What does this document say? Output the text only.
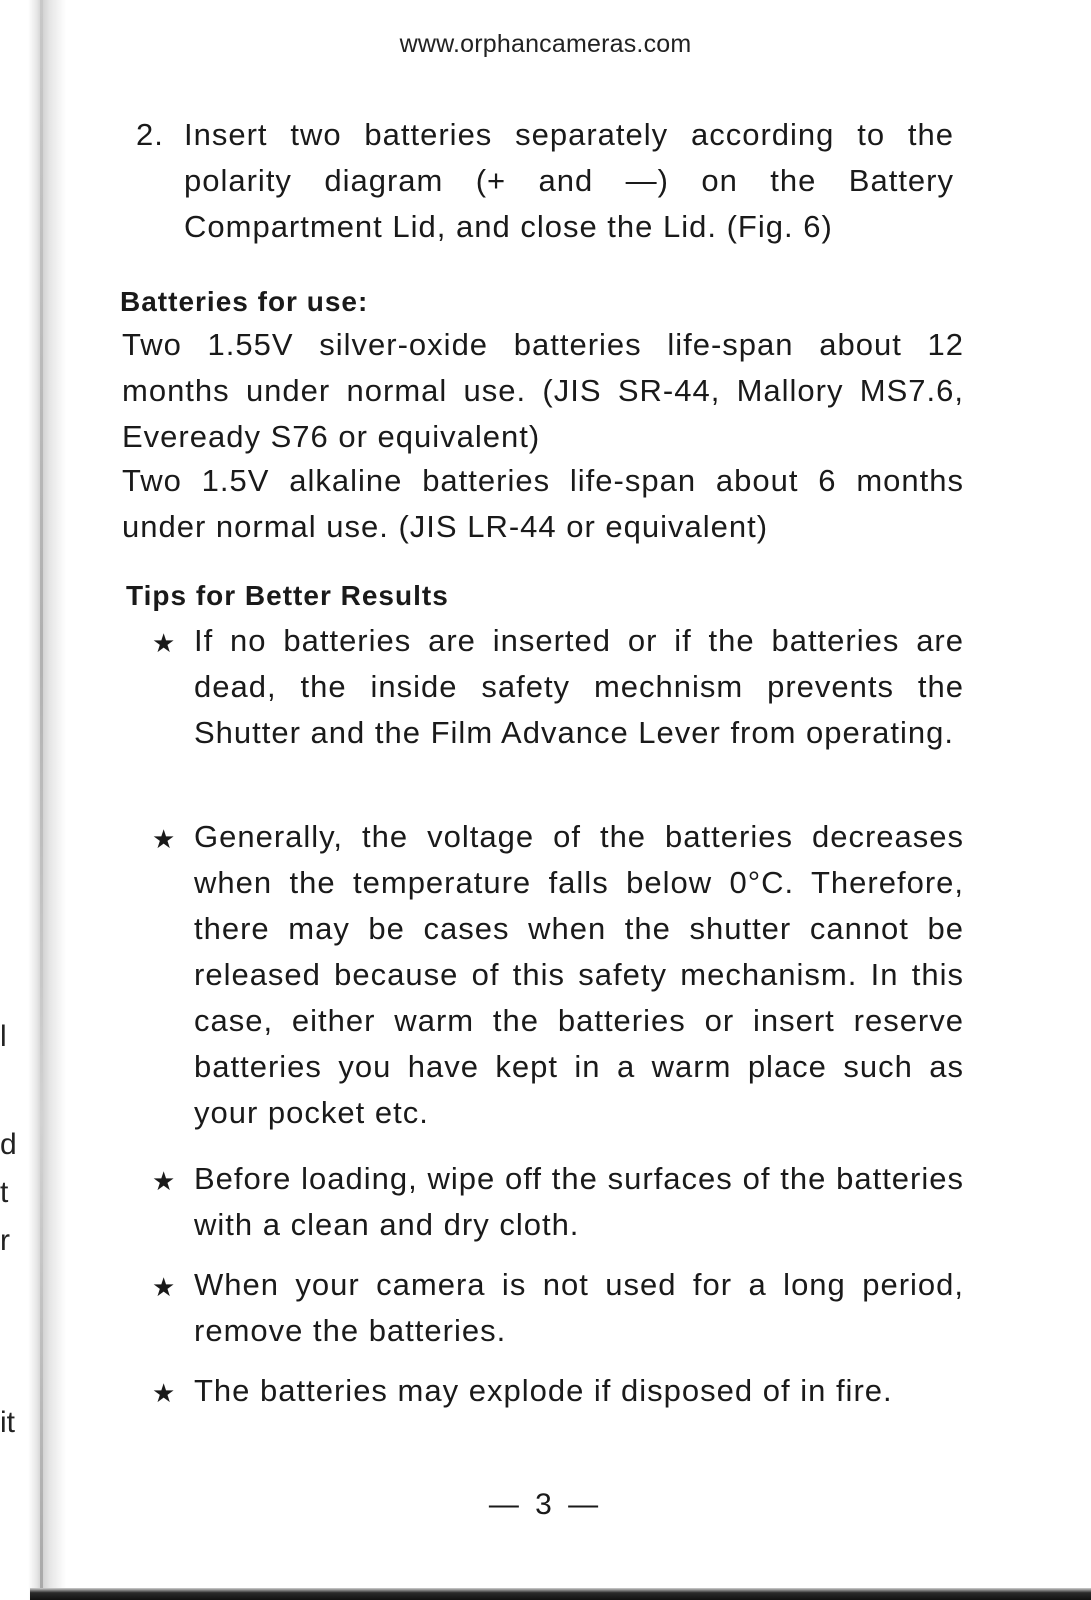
l
d
t
r
it
www.orphancameras.com
2. Insert two batteries separately according to the polarity diagram (+ and —) on the Battery Compartment Lid, and close the Lid. (Fig. 6)

Batteries for use:

Two 1.55V silver-oxide batteries life-span about 12 months under normal use. (JIS SR-44, Mallory MS7.6, Eveready S76 or equivalent)

Two 1.5V alkaline batteries life-span about 6 months under normal use. (JIS LR-44 or equivalent)

Tips for Better Results
★ If no batteries are inserted or if the batteries are dead, the inside safety mechnism prevents the Shutter and the Film Advance Lever from operating.

★ Generally, the voltage of the batteries decreases when the temperature falls below 0°C. Therefore, there may be cases when the shutter cannot be released because of this safety mechanism. In this case, either warm the batteries or insert reserve batteries you have kept in a warm place such as your pocket etc.

★ Before loading, wipe off the surfaces of the batteries with a clean and dry cloth.

★ When your camera is not used for a long period, remove the batteries.

★ The batteries may explode if disposed of in fire.

— 3 —
